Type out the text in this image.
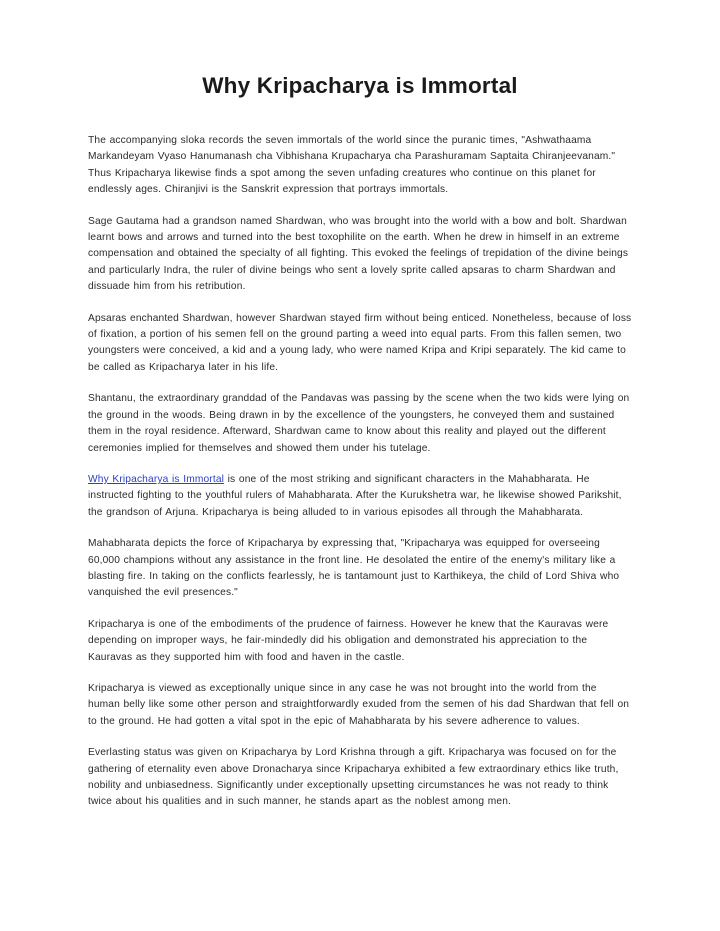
Why Kripacharya is Immortal

The accompanying sloka records the seven immortals of the world since the puranic times, "Ashwathaama Markandeyam Vyaso Hanumanash cha Vibhishana Krupacharya cha Parashuramam Saptaita Chiranjeevanam." Thus Kripacharya likewise finds a spot among the seven unfading creatures who continue on this planet for endlessly ages. Chiranjivi is the Sanskrit expression that portrays immortals.

Sage Gautama had a grandson named Shardwan, who was brought into the world with a bow and bolt. Shardwan learnt bows and arrows and turned into the best toxophilite on the earth. When he drew in himself in an extreme compensation and obtained the specialty of all fighting. This evoked the feelings of trepidation of the divine beings and particularly Indra, the ruler of divine beings who sent a lovely sprite called apsaras to charm Shardwan and dissuade him from his retribution.

Apsaras enchanted Shardwan, however Shardwan stayed firm without being enticed. Nonetheless, because of loss of fixation, a portion of his semen fell on the ground parting a weed into equal parts. From this fallen semen, two youngsters were conceived, a kid and a young lady, who were named Kripa and Kripi separately. The kid came to be called as Kripacharya later in his life.

Shantanu, the extraordinary granddad of the Pandavas was passing by the scene when the two kids were lying on the ground in the woods. Being drawn in by the excellence of the youngsters, he conveyed them and sustained them in the royal residence. Afterward, Shardwan came to know about this reality and played out the different ceremonies implied for themselves and showed them under his tutelage.

Why Kripacharya is Immortal is one of the most striking and significant characters in the Mahabharata. He instructed fighting to the youthful rulers of Mahabharata. After the Kurukshetra war, he likewise showed Parikshit, the grandson of Arjuna. Kripacharya is being alluded to in various episodes all through the Mahabharata.

Mahabharata depicts the force of Kripacharya by expressing that, "Kripacharya was equipped for overseeing 60,000 champions without any assistance in the front line. He desolated the entire of the enemy's military like a blasting fire. In taking on the conflicts fearlessly, he is tantamount just to Karthikeya, the child of Lord Shiva who vanquished the evil presences."

Kripacharya is one of the embodiments of the prudence of fairness. However he knew that the Kauravas were depending on improper ways, he fair-mindedly did his obligation and demonstrated his appreciation to the Kauravas as they supported him with food and haven in the castle.

Kripacharya is viewed as exceptionally unique since in any case he was not brought into the world from the human belly like some other person and straightforwardly exuded from the semen of his dad Shardwan that fell on to the ground. He had gotten a vital spot in the epic of Mahabharata by his severe adherence to values.

Everlasting status was given on Kripacharya by Lord Krishna through a gift. Kripacharya was focused on for the gathering of eternality even above Dronacharya since Kripacharya exhibited a few extraordinary ethics like truth, nobility and unbiasedness. Significantly under exceptionally upsetting circumstances he was not ready to think twice about his qualities and in such manner, he stands apart as the noblest among men.
